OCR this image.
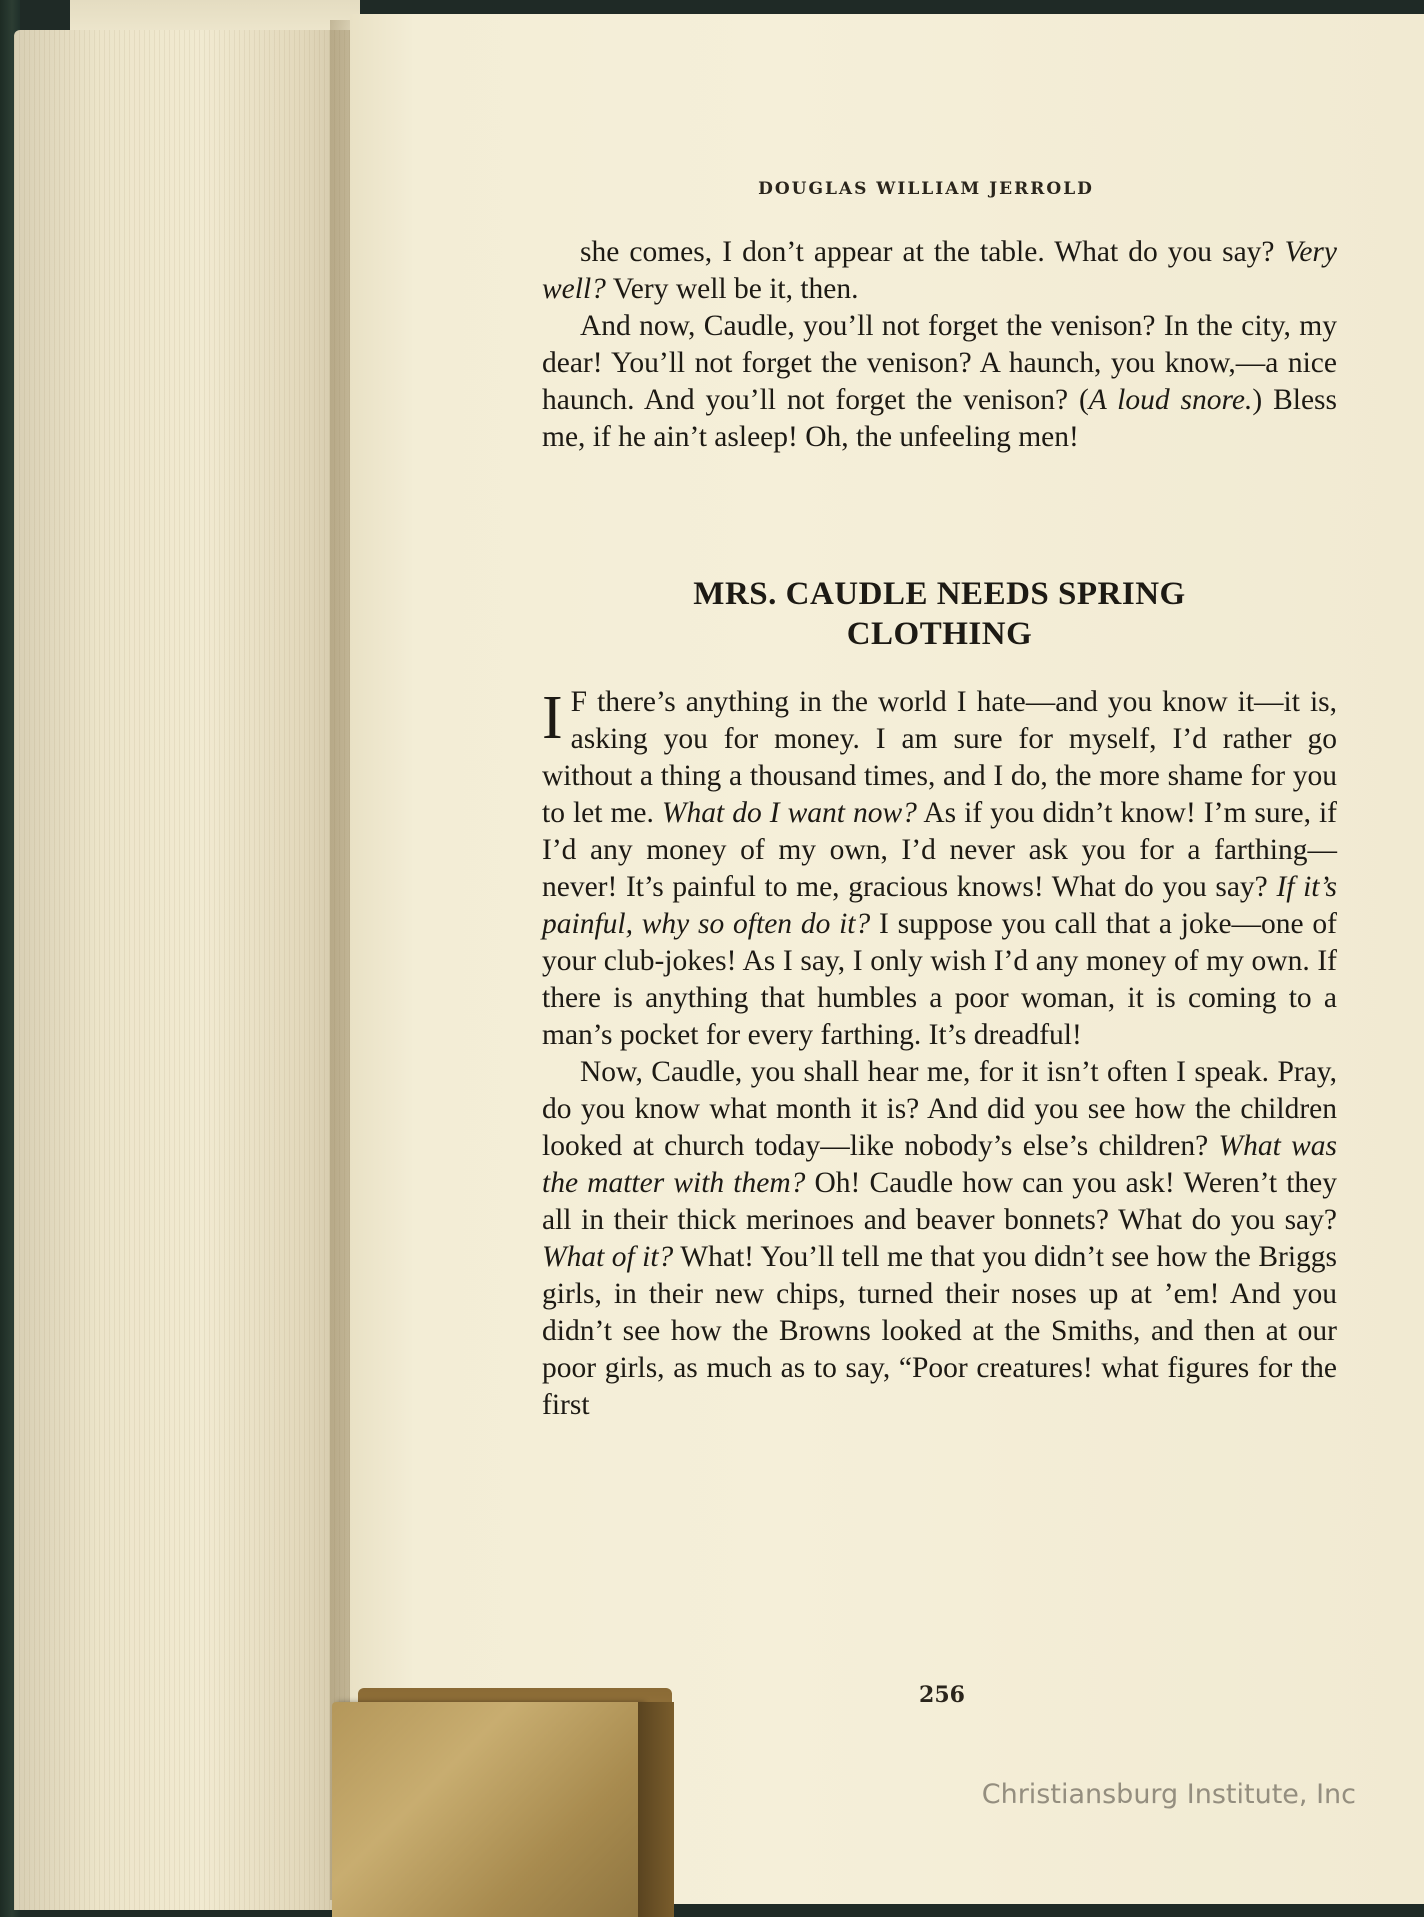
DOUGLAS WILLIAM JERROLD

she comes, I don’t appear at the table. What do you say? Very well? Very well be it, then.

And now, Caudle, you’ll not forget the venison? In the city, my dear! You’ll not forget the venison? A haunch, you know,—a nice haunch. And you’ll not forget the venison? (A loud snore.) Bless me, if he ain’t asleep! Oh, the unfeeling men!

MRS. CAUDLE NEEDS SPRING
CLOTHING

I F there’s anything in the world I hate—and you know it—it is, asking you for money. I am sure for myself, I’d rather go without a thing a thousand times, and I do, the more shame for you to let me. What do I want now? As if you didn’t know! I’m sure, if I’d any money of my own, I’d never ask you for a farthing—never! It’s painful to me, gracious knows! What do you say? If it’s painful, why so often do it? I suppose you call that a joke—one of your club-jokes! As I say, I only wish I’d any money of my own. If there is anything that humbles a poor woman, it is coming to a man’s pocket for every farthing. It’s dreadful!

Now, Caudle, you shall hear me, for it isn’t often I speak. Pray, do you know what month it is? And did you see how the children looked at church today—like nobody’s else’s children? What was the matter with them? Oh! Caudle how can you ask! Weren’t they all in their thick merinoes and beaver bonnets? What do you say? What of it? What! You’ll tell me that you didn’t see how the Briggs girls, in their new chips, turned their noses up at ’em! And you didn’t see how the Browns looked at the Smiths, and then at our poor girls, as much as to say, “Poor creatures! what figures for the first

256
Christiansburg Institute, Inc
